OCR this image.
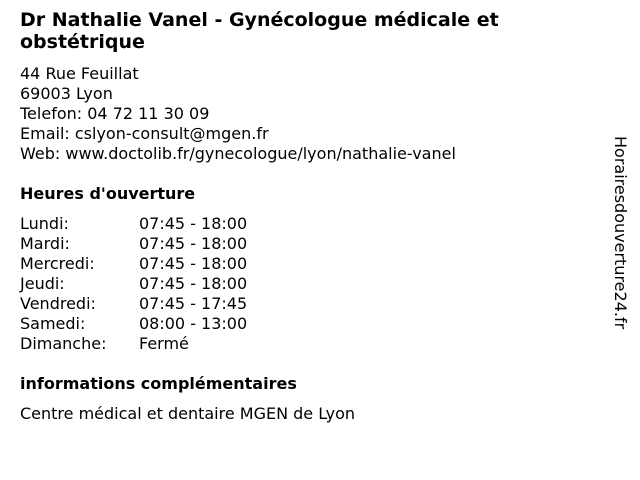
Dr Nathalie Vanel - Gynécologue médicale et obstétrique
44 Rue Feuillat
69003 Lyon
Telefon: 04 72 11 30 09
Email: cslyon-consult@mgen.fr
Web: www.doctolib.fr/gynecologue/lyon/nathalie-vanel
Heures d'ouverture
Lundi:	07:45 - 18:00
Mardi:	07:45 - 18:00
Mercredi:	07:45 - 18:00
Jeudi:	07:45 - 18:00
Vendredi:	07:45 - 17:45
Samedi:	08:00 - 13:00
Dimanche:	Fermé
informations complémentaires
Centre médical et dentaire MGEN de Lyon
Horairesdouverture24.fr
